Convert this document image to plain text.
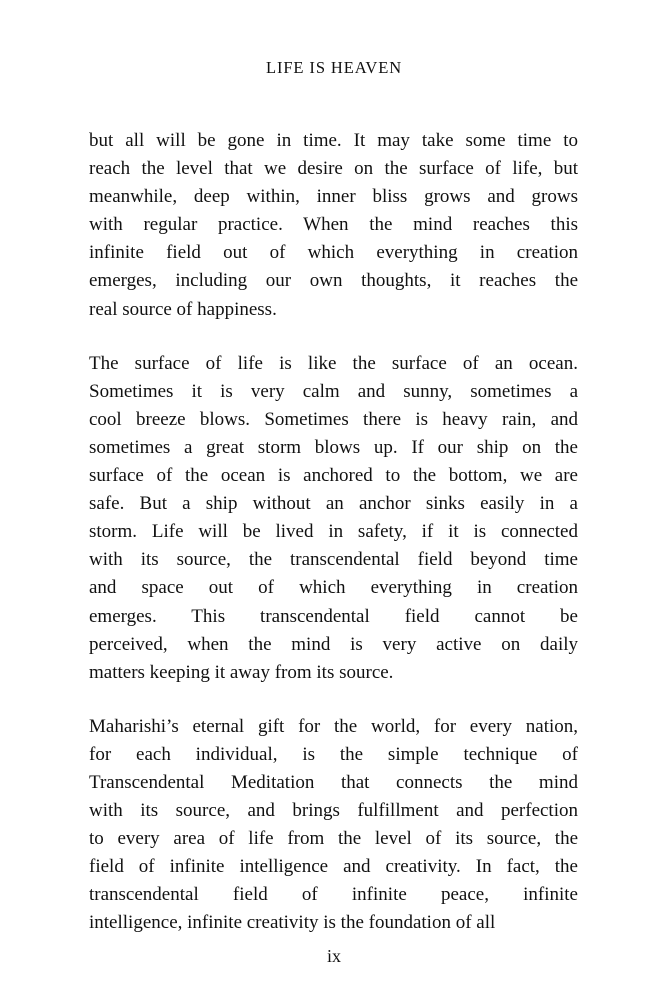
LIFE IS HEAVEN

but all will be gone in time. It may take some time to
reach the level that we desire on the surface of life, but
meanwhile, deep within, inner bliss grows and grows
with regular practice. When the mind reaches this
infinite field out of which everything in creation
emerges, including our own thoughts, it reaches the
real source of happiness.

The surface of life is like the surface of an ocean.
Sometimes it is very calm and sunny, sometimes a
cool breeze blows. Sometimes there is heavy rain, and
sometimes a great storm blows up. If our ship on the
surface of the ocean is anchored to the bottom, we are
safe. But a ship without an anchor sinks easily in a
storm. Life will be lived in safety, if it is connected
with its source, the transcendental field beyond time
and space out of which everything in creation
emerges. This transcendental field cannot be
perceived, when the mind is very active on daily
matters keeping it away from its source.

Maharishi’s eternal gift for the world, for every nation,
for each individual, is the simple technique of
Transcendental Meditation that connects the mind
with its source, and brings fulfillment and perfection
to every area of life from the level of its source, the
field of infinite intelligence and creativity. In fact, the
transcendental field of infinite peace, infinite
intelligence, infinite creativity is the foundation of all

ix
